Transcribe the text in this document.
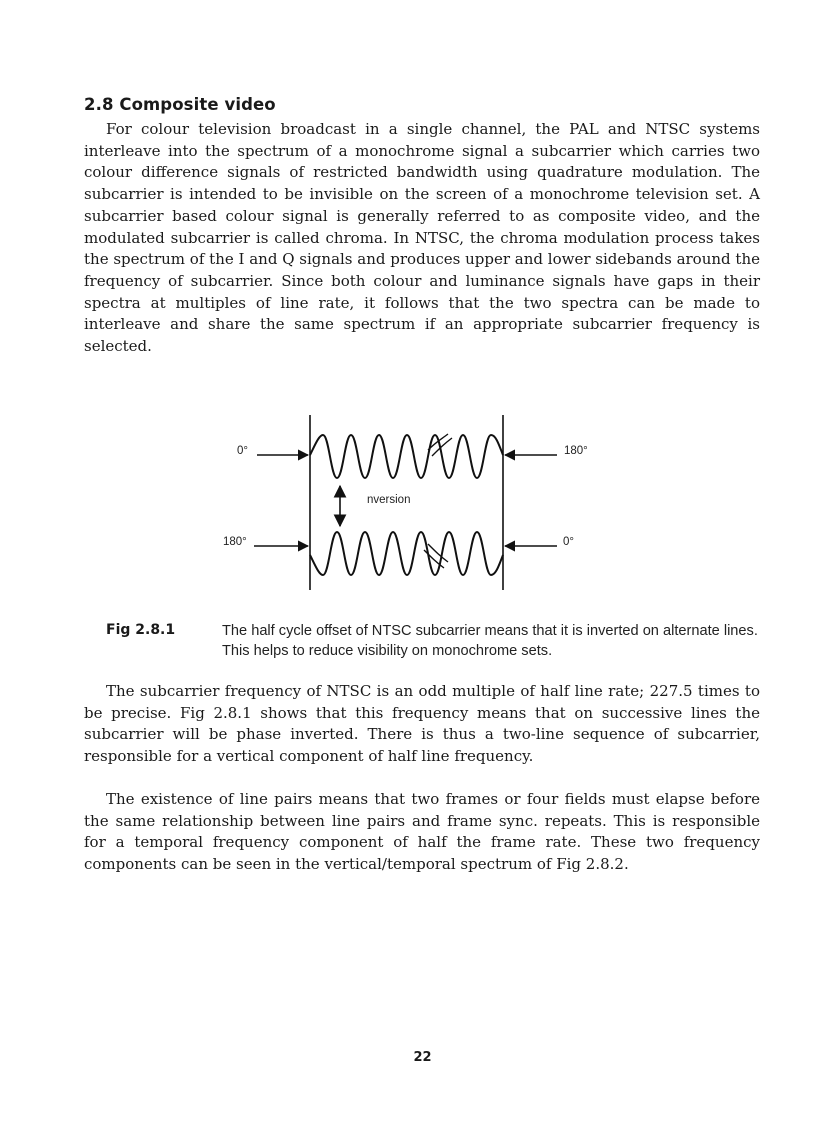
2.8 Composite video

For colour television broadcast in a single channel, the PAL and NTSC systems interleave into the spectrum of a monochrome signal a subcarrier which carries two colour difference signals of restricted bandwidth using quadrature modulation. The subcarrier is intended to be invisible on the screen of a monochrome television set. A subcarrier based colour signal is generally referred to as composite video, and the modulated subcarrier is called chroma. In NTSC, the chroma modulation process takes the spectrum of the I and Q signals and produces upper and lower sidebands around the frequency of subcarrier. Since both colour and luminance signals have gaps in their spectra at multiples of line rate, it follows that the two spectra can be made to interleave and share the same spectrum if an appropriate subcarrier frequency is selected.

0°	180°
nversion
180°	0°

Fig 2.8.1	The half cycle offset of NTSC subcarrier means that it is inverted on alternate lines. This helps to reduce visibility on monochrome sets.

The subcarrier frequency of NTSC is an odd multiple of half line rate; 227.5 times to be precise. Fig 2.8.1 shows that this frequency means that on successive lines the subcarrier will be phase inverted. There is thus a two-line sequence of subcarrier, responsible for a vertical component of half line frequency.

The existence of line pairs means that two frames or four fields must elapse before the same relationship between line pairs and frame sync. repeats. This is responsible for a temporal frequency component of half the frame rate. These two frequency components can be seen in the vertical/temporal spectrum of Fig 2.8.2.

22
